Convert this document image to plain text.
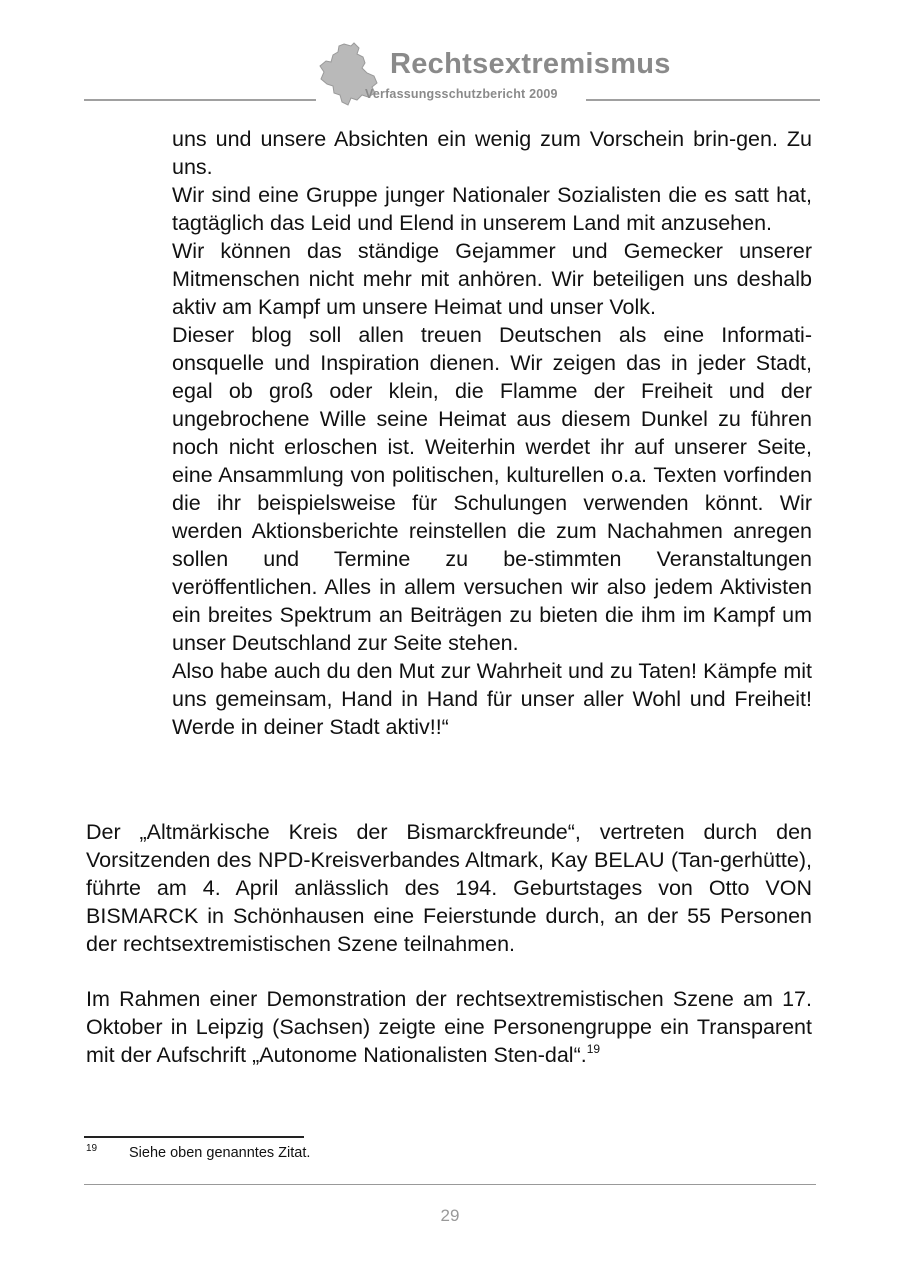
Rechtsextremismus
Verfassungsschutzbericht 2009

uns und unsere Absichten ein wenig zum Vorschein brin-gen. Zu uns.

Wir sind eine Gruppe junger Nationaler Sozialisten die es satt hat, tagtäglich das Leid und Elend in unserem Land mit anzusehen.

Wir können das ständige Gejammer und Gemecker unserer Mitmenschen nicht mehr mit anhören. Wir beteiligen uns deshalb aktiv am Kampf um unsere Heimat und unser Volk.

Dieser blog soll allen treuen Deutschen als eine Informati-onsquelle und Inspiration dienen. Wir zeigen das in jeder Stadt, egal ob groß oder klein, die Flamme der Freiheit und der ungebrochene Wille seine Heimat aus diesem Dunkel zu führen noch nicht erloschen ist. Weiterhin werdet ihr auf unserer Seite, eine Ansammlung von politischen, kulturellen o.a. Texten vorfinden die ihr beispielsweise für Schulungen verwenden könnt. Wir werden Aktionsberichte reinstellen die zum Nachahmen anregen sollen und Termine zu be-stimmten Veranstaltungen veröffentlichen. Alles in allem versuchen wir also jedem Aktivisten ein breites Spektrum an Beiträgen zu bieten die ihm im Kampf um unser Deutschland zur Seite stehen.

Also habe auch du den Mut zur Wahrheit und zu Taten! Kämpfe mit uns gemeinsam, Hand in Hand für unser aller Wohl und Freiheit! Werde in deiner Stadt aktiv!!“

Der „Altmärkische Kreis der Bismarckfreunde“, vertreten durch den Vorsitzenden des NPD-Kreisverbandes Altmark, Kay BELAU (Tan-gerhütte), führte am 4. April anlässlich des 194. Geburtstages von Otto VON BISMARCK in Schönhausen eine Feierstunde durch, an der 55 Personen der rechtsextremistischen Szene teilnahmen.

Im Rahmen einer Demonstration der rechtsextremistischen Szene am 17. Oktober in Leipzig (Sachsen) zeigte eine Personengruppe ein Transparent mit der Aufschrift „Autonome Nationalisten Sten-dal“.$^{19}$

19 Siehe oben genanntes Zitat.
29
